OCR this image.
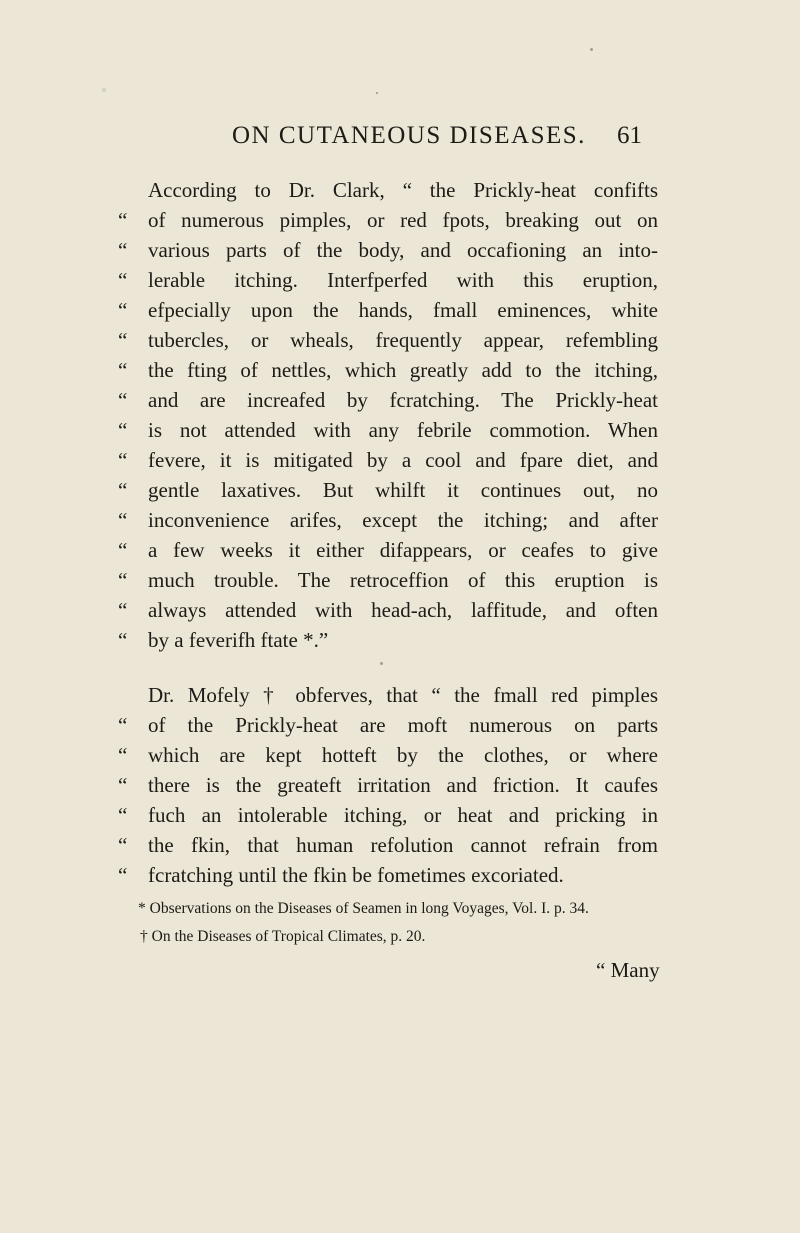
ON CUTANEOUS DISEASES. 61
According to Dr. Clark, “ the Prickly-heat confifts
“ of numerous pimples, or red fpots, breaking out on
“ various parts of the body, and occafioning an into-
“ lerable itching. Interfperfed with this eruption,
“ efpecially upon the hands, fmall eminences, white
“ tubercles, or wheals, frequently appear, refembling
“ the fting of nettles, which greatly add to the itching,
“ and are increafed by fcratching. The Prickly-heat
“ is not attended with any febrile commotion. When
“ fevere, it is mitigated by a cool and fpare diet, and
“ gentle laxatives. But whilft it continues out, no
“ inconvenience arifes, except the itching; and after
“ a few weeks it either difappears, or ceafes to give
“ much trouble. The retroceffion of this eruption is
“ always attended with head-ach, laffitude, and often
“ by a feverifh ftate *.”
Dr. Mofely † obferves, that “ the fmall red pimples
“ of the Prickly-heat are moft numerous on parts
“ which are kept hotteft by the clothes, or where
“ there is the greateft irritation and friction. It caufes
“ fuch an intolerable itching, or heat and pricking in
“ the fkin, that human refolution cannot refrain from
“ fcratching until the fkin be fometimes excoriated.
* Observations on the Diseases of Seamen in long Voyages, Vol. I. p. 34.
† On the Diseases of Tropical Climates, p. 20.
“ Many
